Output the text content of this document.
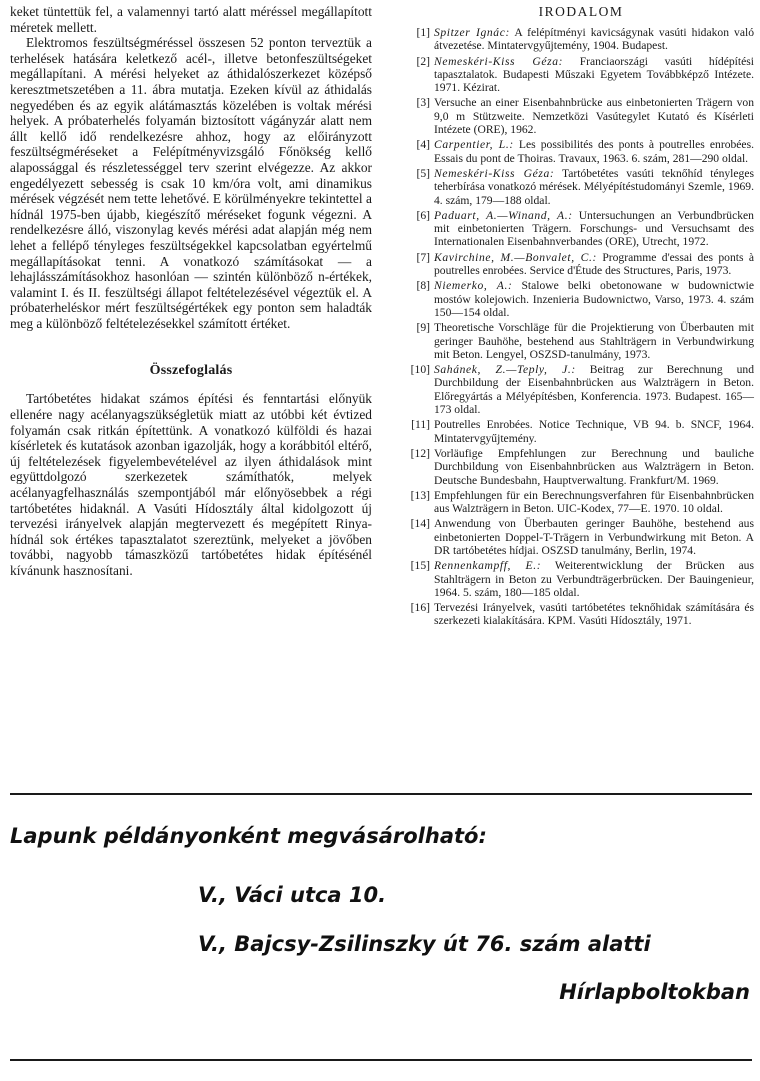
keket tüntettük fel, a valamennyi tartó alatt méréssel megállapított méretek mellett.

Elektromos feszültségméréssel összesen 52 ponton terveztük a terhelések hatására keletkező acél-, illetve betonfeszültségeket megállapítani. A mérési helyeket az áthidalószerkezet középső keresztmetszetében a 11. ábra mutatja. Ezeken kívül az áthidalás negyedében és az egyik alátámasztás közelében is voltak mérési helyek. A próbaterhelés folyamán biztosított vágányzár alatt nem állt kellő idő rendelkezésre ahhoz, hogy az előirányzott feszültségméréseket a Felépítményvizsgáló Főnökség kellő alapossággal és részletességgel terv szerint elvégezze. Az akkor engedélyezett sebesség is csak 10 km/óra volt, ami dinamikus mérések végzését nem tette lehetővé. E körülményekre tekintettel a hídnál 1975-ben újabb, kiegészítő méréseket fogunk végezni. A rendelkezésre álló, viszonylag kevés mérési adat alapján még nem lehet a fellépő tényleges feszültségekkel kapcsolatban egyértelmű megállapításokat tenni. A vonatkozó számításokat — a lehajlásszámításokhoz hasonlóan — szintén különböző n-értékek, valamint I. és II. feszültségi állapot feltételezésével végeztük el. A próbaterheléskor mért feszültségértékek egy ponton sem haladták meg a különböző feltételezésekkel számított értéket.

Összefoglalás

Tartóbetétes hidakat számos építési és fenntartási előnyük ellenére nagy acélanyagszükségletük miatt az utóbbi két évtized folyamán csak ritkán építettünk. A vonatkozó külföldi és hazai kísérletek és kutatások azonban igazolják, hogy a korábbitól eltérő, új feltételezések figyelembevételével az ilyen áthidalások mint együttdolgozó szerkezetek számíthatók, melyek acélanyagfelhasználás szempontjából már előnyösebbek a régi tartóbetétes hidaknál. A Vasúti Hídosztály által kidolgozott új tervezési irányelvek alapján megtervezett és megépített Rinya-hídnál sok értékes tapasztalatot szereztünk, melyeket a jövőben további, nagyobb támaszközű tartóbetétes hidak építésénél kívánunk hasznosítani.

IRODALOM
[1] Spitzer Ignác: A felépítményi kavicságynak vasúti hidakon való átvezetése. Mintatervgyűjtemény, 1904. Budapest.
[2] Nemeskéri-Kiss Géza: Franciaországi vasúti hídépítési tapasztalatok. Budapesti Műszaki Egyetem Továbbképző Intézete. 1971. Kézirat.
[3] Versuche an einer Eisenbahnbrücke aus einbetonierten Trägern von 9,0 m Stützweite. Nemzetközi Vasútegylet Kutató és Kísérleti Intézete (ORE), 1962.
[4] Carpentier, L.: Les possibilités des ponts à poutrelles enrobées. Essais du pont de Thoiras. Travaux, 1963. 6. szám, 281—290 oldal.
[5] Nemeskéri-Kiss Géza: Tartóbetétes vasúti teknőhíd tényleges teherbírása vonatkozó mérések. Mélyépítéstudományi Szemle, 1969. 4. szám, 179—188 oldal.
[6] Paduart, A.—Winand, A.: Untersuchungen an Verbundbrücken mit einbetonierten Trägern. Forschungs- und Versuchsamt des Internationalen Eisenbahnverbandes (ORE), Utrecht, 1972.
[7] Kavirchine, M.—Bonvalet, C.: Programme d'essai des ponts à poutrelles enrobées. Service d'Étude des Structures, Paris, 1973.
[8] Niemerko, A.: Stalowe belki obetonowane w budownictwie mostów kolejowich. Inzenieria Budownictwo, Varso, 1973. 4. szám 150—154 oldal.
[9] Theoretische Vorschläge für die Projektierung von Überbauten mit geringer Bauhöhe, bestehend aus Stahlträgern in Verbundwirkung mit Beton. Lengyel, OSZSD-tanulmány, 1973.
[10] Sahánek, Z.—Teply, J.: Beitrag zur Berechnung und Durchbildung der Eisenbahnbrücken aus Walzträgern in Beton. Előregyártás a Mélyépítésben, Konferencia. 1973. Budapest. 165—173 oldal.
[11] Poutrelles Enrobées. Notice Technique, VB 94. b. SNCF, 1964. Mintatervgyűjtemény.
[12] Vorläufige Empfehlungen zur Berechnung und bauliche Durchbildung von Eisenbahnbrücken aus Walzträgern in Beton. Deutsche Bundesbahn, Hauptverwaltung. Frankfurt/M. 1969.
[13] Empfehlungen für ein Berechnungsverfahren für Eisenbahnbrücken aus Walzträgern in Beton. UIC-Kodex, 77—E. 1970. 10 oldal.
[14] Anwendung von Überbauten geringer Bauhöhe, bestehend aus einbetonierten Doppel-T-Trägern in Verbundwirkung mit Beton. A DR tartóbetétes hídjai. OSZSD tanulmány, Berlin, 1974.
[15] Rennenkampff, E.: Weiterentwicklung der Brücken aus Stahlträgern in Beton zu Verbundträgerbrücken. Der Bauingenieur, 1964. 5. szám, 180—185 oldal.
[16] Tervezési Irányelvek, vasúti tartóbetétes teknőhidak számítására és szerkezeti kialakítására. KPM. Vasúti Hídosztály, 1971.
Lapunk példányonként megvásárolható:
V., Váci utca 10.
V., Bajcsy-Zsilinszky út 76. szám alatti
Hírlapboltokban
